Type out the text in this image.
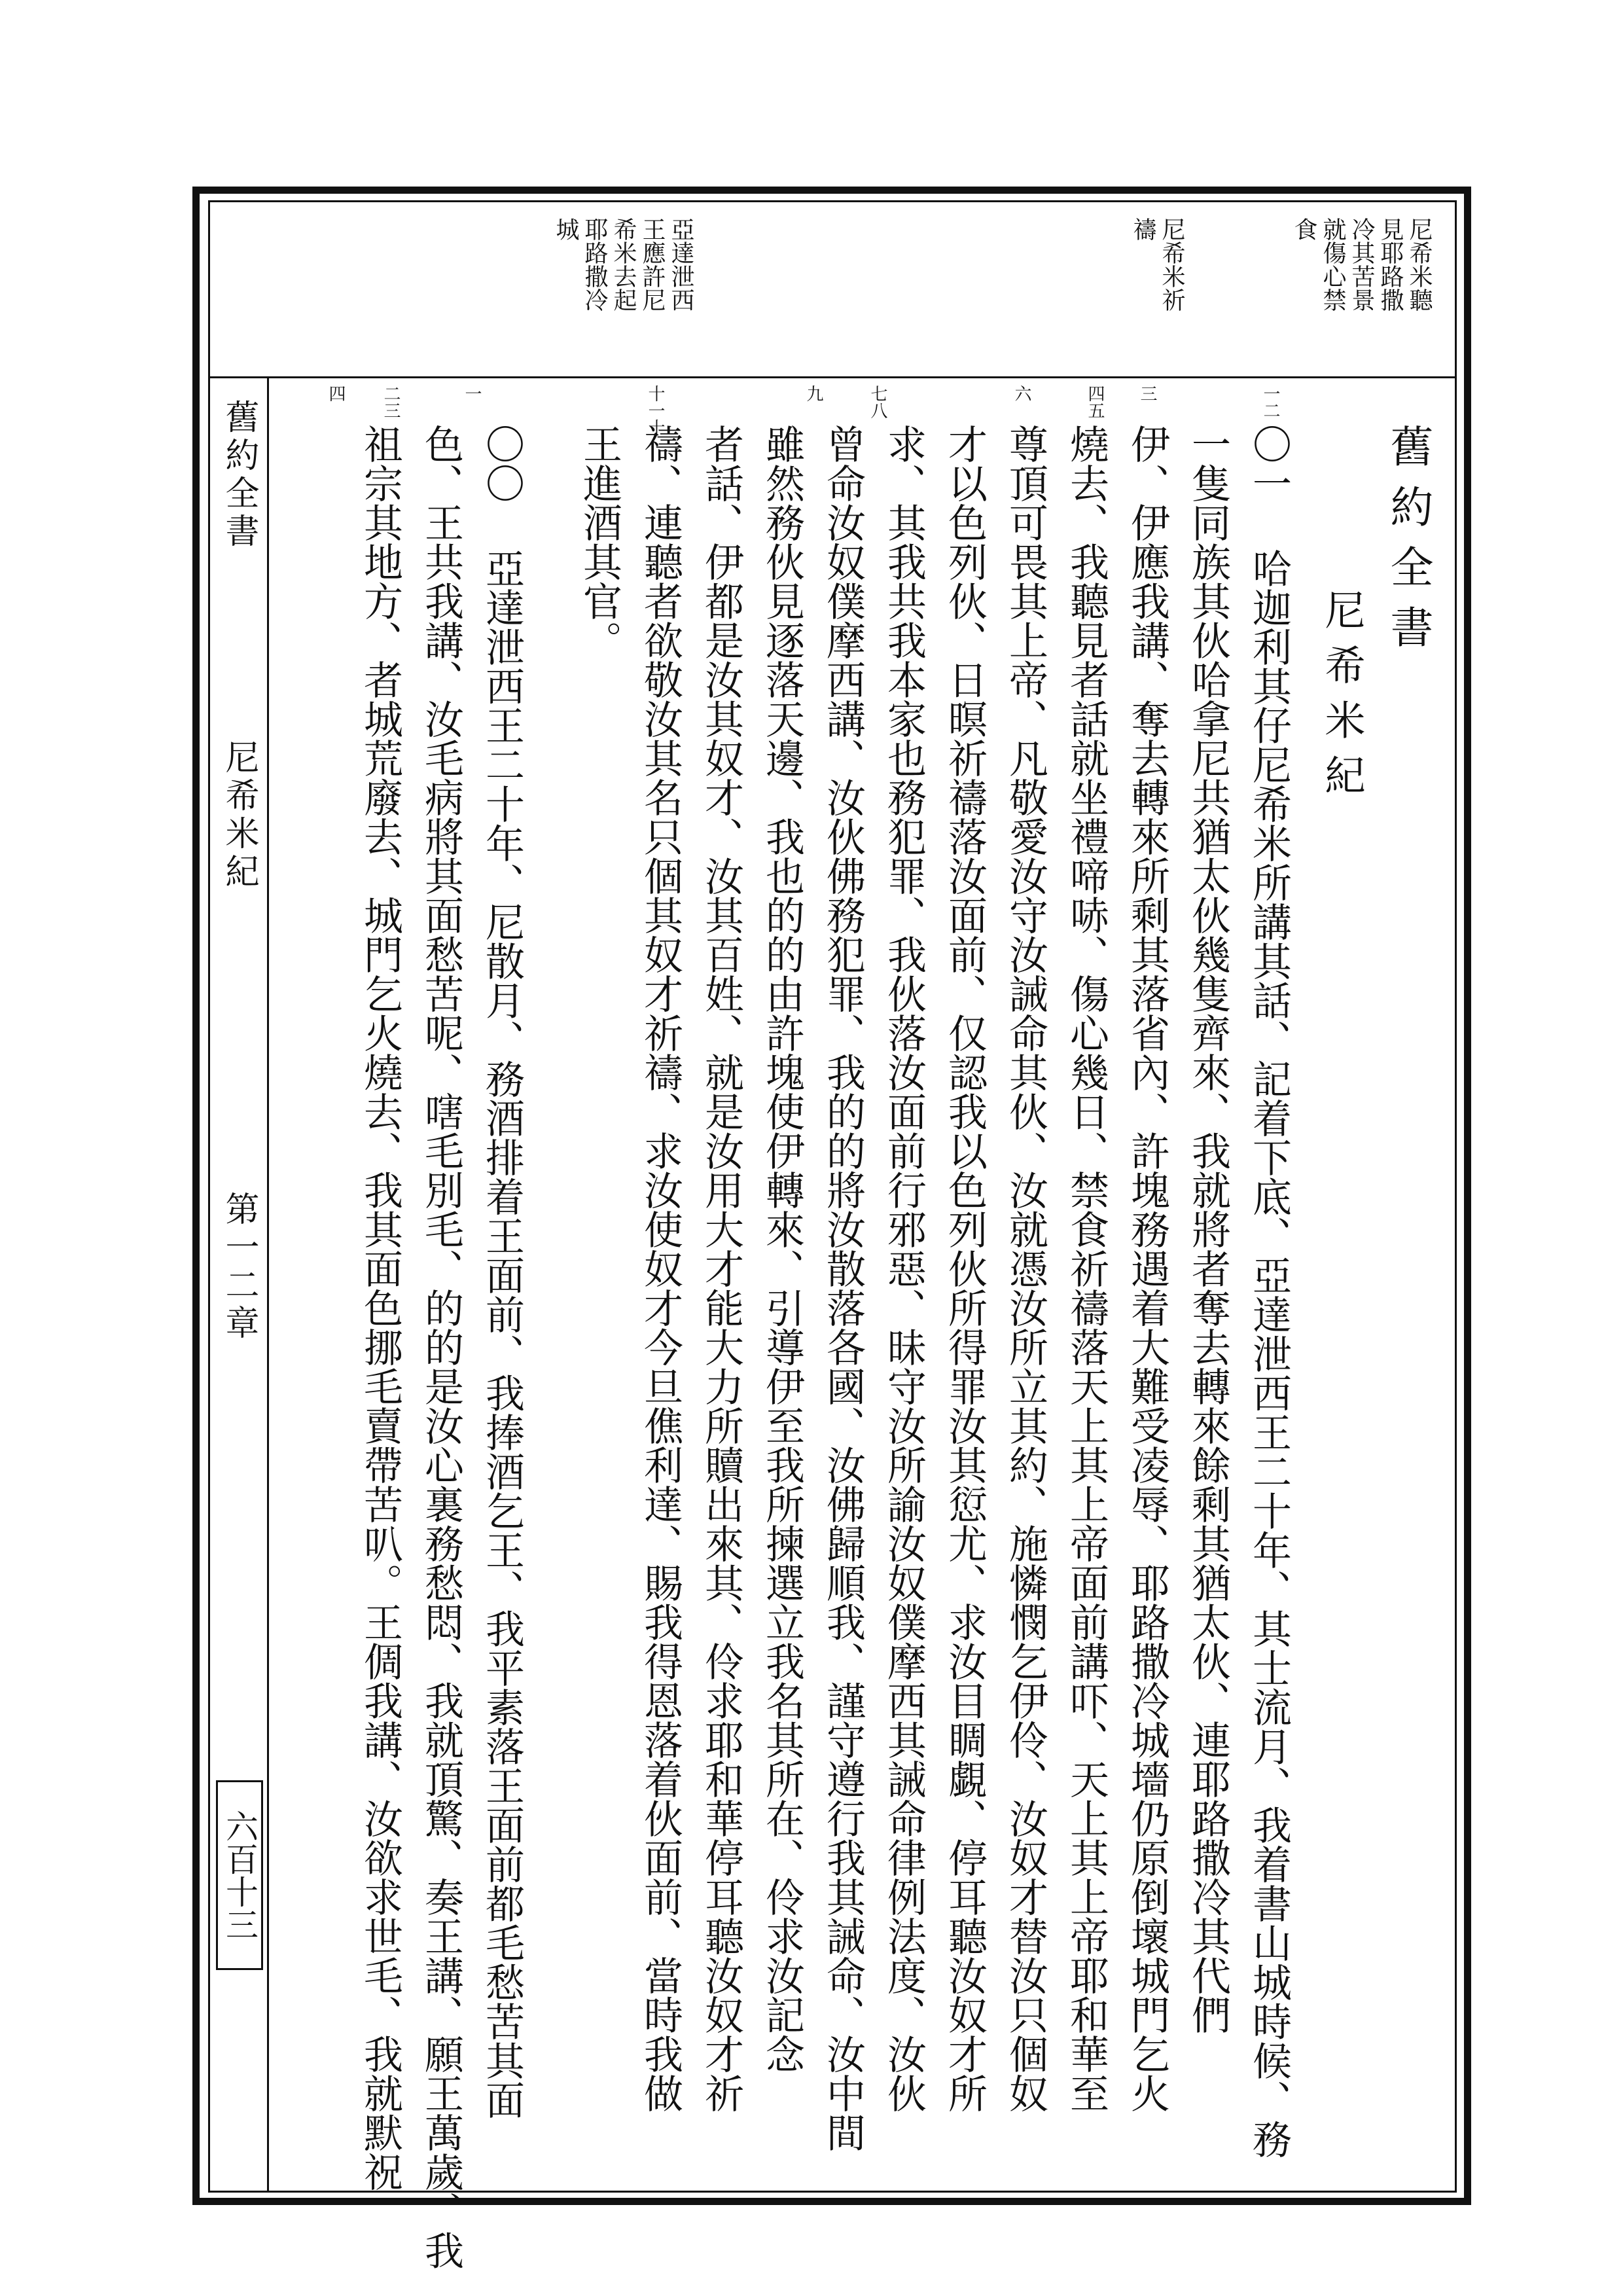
尼希米聽
見耶路撒
冷其苦景
就傷心禁
食
尼希米祈
禱
亞達泄西
王應許尼
希米去起
耶路撒冷
城
一二
三
四五
六
七八
九
十一十
一
二三
四
舊約全書
尼希米紀
〇一 哈迦利其仔尼希米所講其話、記着下底、亞達泄西王二十年、其士流月、我着書山城時候、務
一隻同族其伙哈拿尼共猶太伙幾隻齊來、我就將者奪去轉來餘剩其猶太伙、連耶路撒冷其代們
伊、伊應我講、奪去轉來所剩其落省內、許塊務遇着大難受凌辱、耶路撒冷城墻仍原倒壞城門乞火
燒去、我聽見者話就坐禮啼哧、傷心幾日、禁食祈禱落天上其上帝面前講吓、天上其上帝耶和華至
尊頂可畏其上帝、凡敬愛汝守汝誡命其伙、汝就憑汝所立其約、施憐憫乞伊伶、汝奴才替汝只個奴
才以色列伙、日暝祈禱落汝面前、仅認我以色列伙所得罪汝其愆尤、求汝目睭覷、停耳聽汝奴才所
求、其我共我本家也務犯罪、我伙落汝面前行邪惡、昧守汝所諭汝奴僕摩西其誡命律例法度、汝伙
曾命汝奴僕摩西講、汝伙佛務犯罪、我的的將汝散落各國、汝佛歸順我、謹守遵行我其誡命、汝中間
雖然務伙見逐落天邊、我也的的由許塊使伊轉來、引導伊至我所揀選立我名其所在、伶求汝記念
者話、伊都是汝其奴才、汝其百姓、就是汝用大才能大力所贖出來其、伶求耶和華停耳聽汝奴才祈
禱、連聽者欲敬汝其名只個其奴才祈禱、求汝使奴才今旦僬利達、賜我得恩落着伙面前、當時我做
王進酒其官。
〇〇 亞達泄西王二十年、尼散月、務酒排着王面前、我捧酒乞王、我平素落王面前都毛愁苦其面
色、王共我講、汝毛病將其面愁苦呢、嗐毛別毛、的的是汝心裏務愁悶、我就頂驚、奏王講、願王萬歲、我
祖宗其地方、者城荒廢去、城門乞火燒去、我其面色挪毛賣帶苦叭。王倜我講、汝欲求世毛、我就默祝
舊約全書
尼希米紀
第一二章
六百十三
